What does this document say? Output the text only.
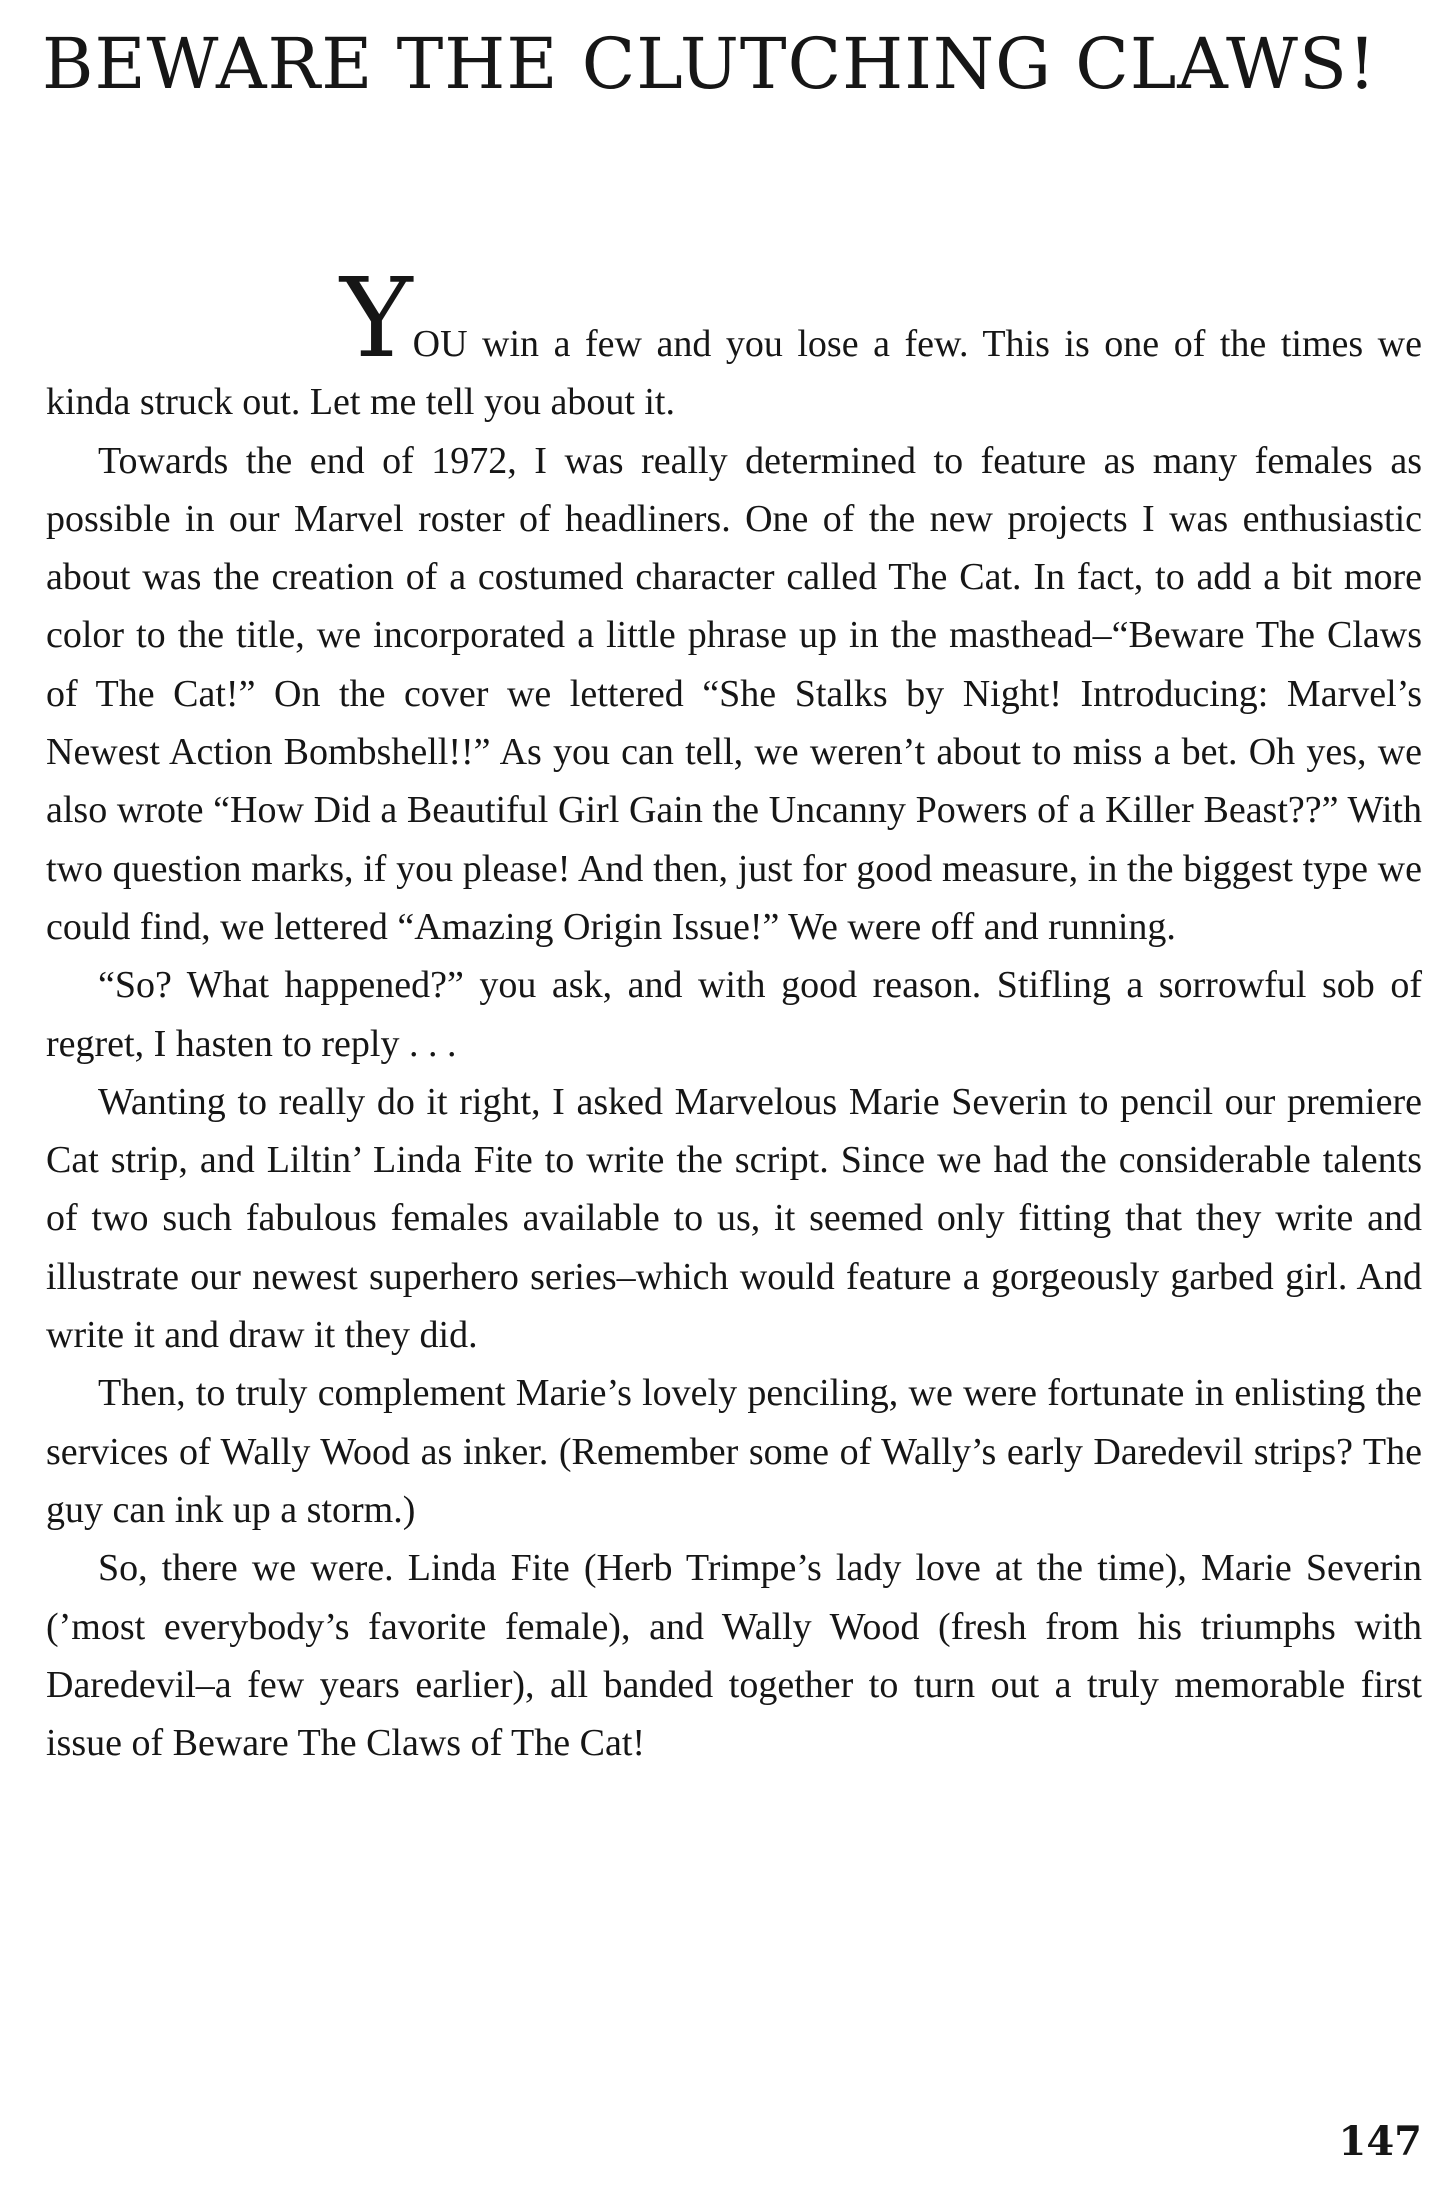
BEWARE THE CLUTCHING CLAWS!

YOU win a few and you lose a few. This is one of the times we kinda struck out. Let me tell you about it.

Towards the end of 1972, I was really determined to feature as many females as possible in our Marvel roster of headliners. One of the new projects I was enthusiastic about was the creation of a costumed character called The Cat. In fact, to add a bit more color to the title, we incorporated a little phrase up in the masthead–“Beware The Claws of The Cat!” On the cover we lettered “She Stalks by Night! Introducing: Marvel’s Newest Action Bombshell!!” As you can tell, we weren’t about to miss a bet. Oh yes, we also wrote “How Did a Beautiful Girl Gain the Uncanny Powers of a Killer Beast??” With two question marks, if you please! And then, just for good measure, in the biggest type we could find, we lettered “Amazing Origin Issue!” We were off and running.

“So? What happened?” you ask, and with good reason. Stifling a sorrowful sob of regret, I hasten to reply . . .

Wanting to really do it right, I asked Marvelous Marie Severin to pencil our premiere Cat strip, and Liltin’ Linda Fite to write the script. Since we had the considerable talents of two such fabulous females available to us, it seemed only fitting that they write and illustrate our newest superhero series–which would feature a gorgeously garbed girl. And write it and draw it they did.

Then, to truly complement Marie’s lovely penciling, we were fortunate in enlisting the services of Wally Wood as inker. (Remember some of Wally’s early Daredevil strips? The guy can ink up a storm.)

So, there we were. Linda Fite (Herb Trimpe’s lady love at the time), Marie Severin (’most everybody’s favorite female), and Wally Wood (fresh from his triumphs with Daredevil–a few years earlier), all banded together to turn out a truly memorable first issue of Beware The Claws of The Cat!

147
